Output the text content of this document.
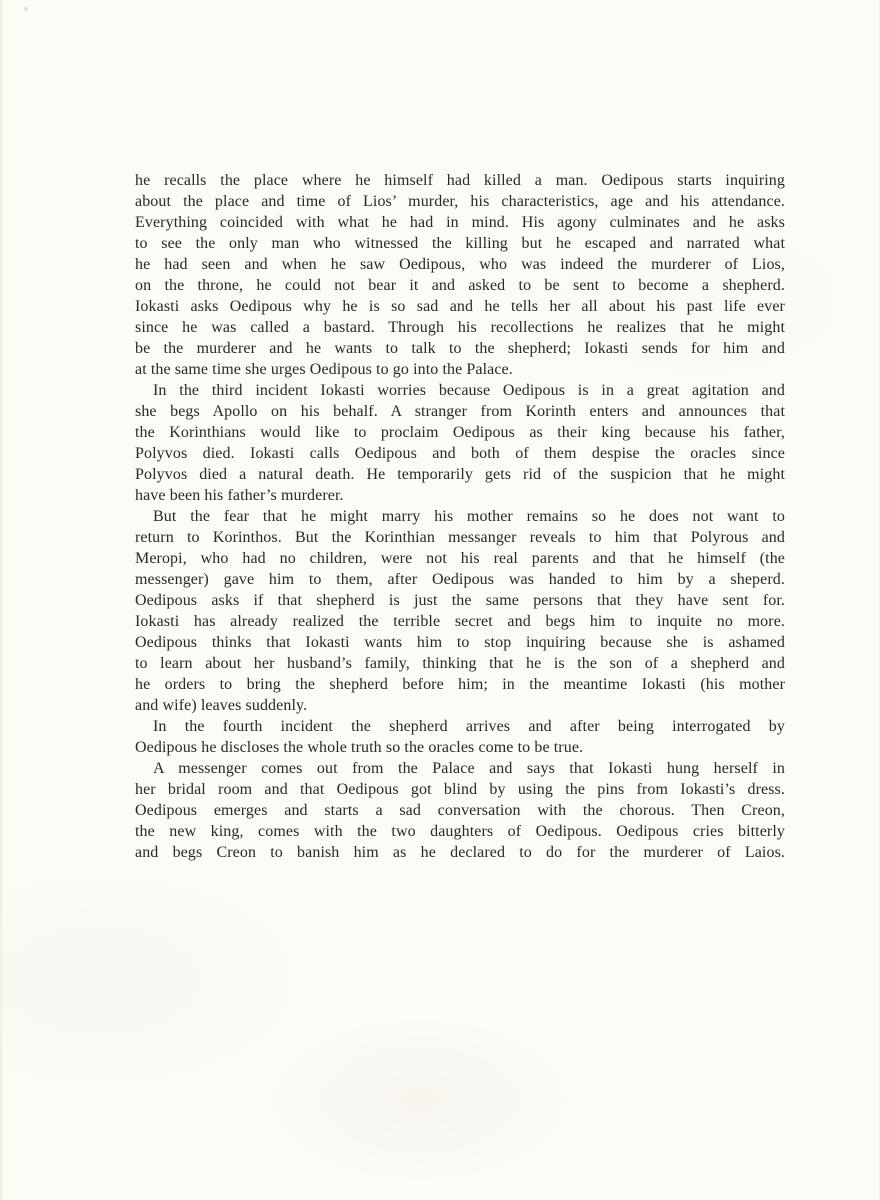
he recalls the place where he himself had killed a man. Oedipous starts inquiring
about the place and time of Lios’ murder, his characteristics, age and his attendance.
Everything coincided with what he had in mind. His agony culminates and he asks
to see the only man who witnessed the killing but he escaped and narrated what
he had seen and when he saw Oedipous, who was indeed the murderer of Lios,
on the throne, he could not bear it and asked to be sent to become a shepherd.
Iokasti asks Oedipous why he is so sad and he tells her all about his past life ever
since he was called a bastard. Through his recollections he realizes that he might
be the murderer and he wants to talk to the shepherd; Iokasti sends for him and
at the same time she urges Oedipous to go into the Palace.
In the third incident Iokasti worries because Oedipous is in a great agitation and
she begs Apollo on his behalf. A stranger from Korinth enters and announces that
the Korinthians would like to proclaim Oedipous as their king because his father,
Polyvos died. Iokasti calls Oedipous and both of them despise the oracles since
Polyvos died a natural death. He temporarily gets rid of the suspicion that he might
have been his father’s murderer.
But the fear that he might marry his mother remains so he does not want to
return to Korinthos. But the Korinthian messanger reveals to him that Polyrous and
Meropi, who had no children, were not his real parents and that he himself (the
messenger) gave him to them, after Oedipous was handed to him by a sheperd.
Oedipous asks if that shepherd is just the same persons that they have sent for.
Iokasti has already realized the terrible secret and begs him to inquite no more.
Oedipous thinks that Iokasti wants him to stop inquiring because she is ashamed
to learn about her husband’s family, thinking that he is the son of a shepherd and
he orders to bring the shepherd before him; in the meantime Iokasti (his mother
and wife) leaves suddenly.
In the fourth incident the shepherd arrives and after being interrogated by
Oedipous he discloses the whole truth so the oracles come to be true.
A messenger comes out from the Palace and says that Iokasti hung herself in
her bridal room and that Oedipous got blind by using the pins from Iokasti’s dress.
Oedipous emerges and starts a sad conversation with the chorous. Then Creon,
the new king, comes with the two daughters of Oedipous. Oedipous cries bitterly
and begs Creon to banish him as he declared to do for the murderer of Laios.
